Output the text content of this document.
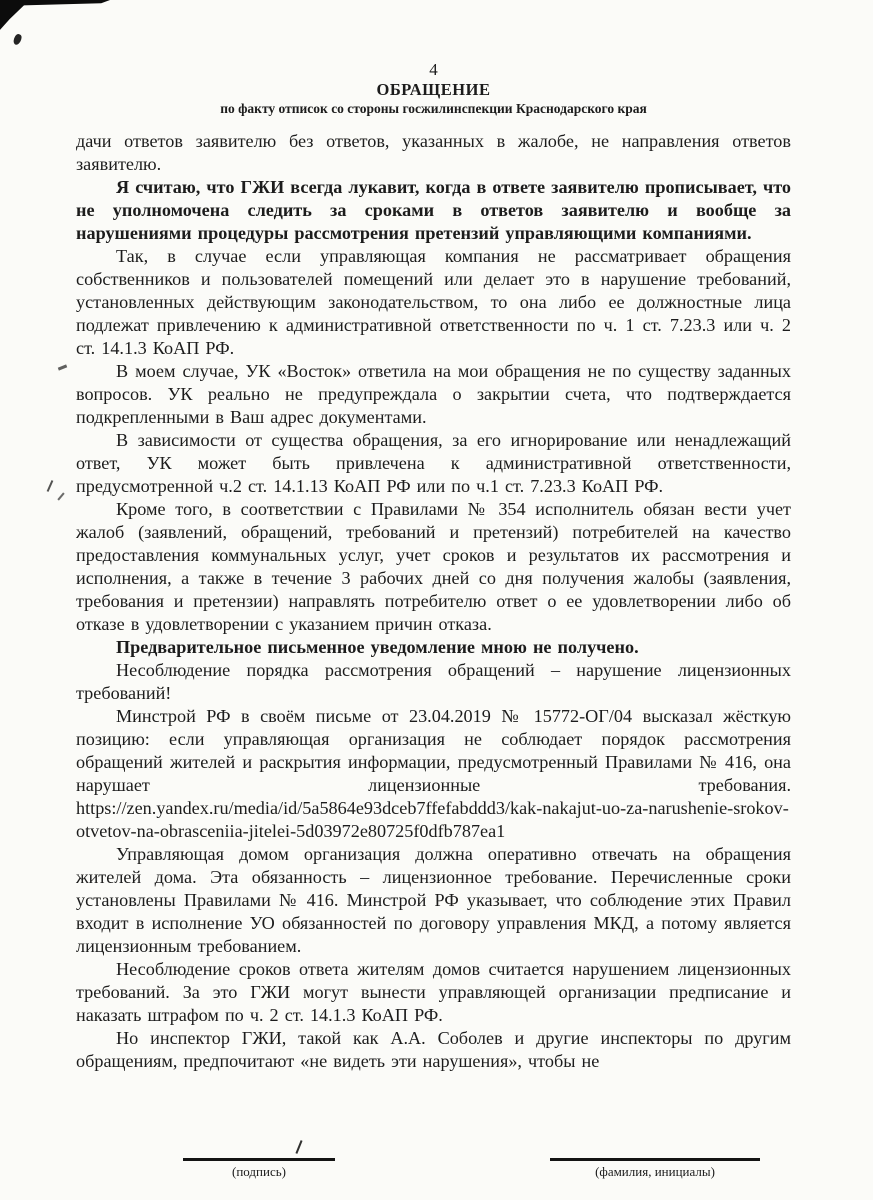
4
ОБРАЩЕНИЕ
по факту отписок со стороны госжилинспекции Краснодарского края

дачи ответов заявителю без ответов, указанных в жалобе, не направления ответов заявителю.

Я считаю, что ГЖИ всегда лукавит, когда в ответе заявителю прописывает, что не уполномочена следить за сроками в ответов заявителю и вообще за нарушениями процедуры рассмотрения претензий управляющими компаниями.

Так, в случае если управляющая компания не рассматривает обращения собственников и пользователей помещений или делает это в нарушение требований, установленных действующим законодательством, то она либо ее должностные лица подлежат привлечению к административной ответственности по ч. 1 ст. 7.23.3 или ч. 2 ст. 14.1.3 КоАП РФ.

В моем случае, УК «Восток» ответила на мои обращения не по существу заданных вопросов. УК реально не предупреждала о закрытии счета, что подтверждается подкрепленными в Ваш адрес документами.

В зависимости от существа обращения, за его игнорирование или ненадлежащий ответ, УК может быть привлечена к административной ответственности, предусмотренной ч.2 ст. 14.1.13 КоАП РФ или по ч.1 ст. 7.23.3 КоАП РФ.

Кроме того, в соответствии с Правилами № 354 исполнитель обязан вести учет жалоб (заявлений, обращений, требований и претензий) потребителей на качество предоставления коммунальных услуг, учет сроков и результатов их рассмотрения и исполнения, а также в течение 3 рабочих дней со дня получения жалобы (заявления, требования и претензии) направлять потребителю ответ о ее удовлетворении либо об отказе в удовлетворении с указанием причин отказа.

Предварительное письменное уведомление мною не получено.

Несоблюдение порядка рассмотрения обращений – нарушение лицензионных требований!

Минстрой РФ в своём письме от 23.04.2019 № 15772-ОГ/04 высказал жёсткую позицию: если управляющая организация не соблюдает порядок рассмотрения обращений жителей и раскрытия информации, предусмотренный Правилами № 416, она нарушает лицензионные требования.

https://zen.yandex.ru/media/id/5a5864e93dceb7ffefabddd3/kak-nakajut-uo-za-narushenie-srokov-otvetov-na-obrasceniia-jitelei-5d03972e80725f0dfb787ea1

Управляющая домом организация должна оперативно отвечать на обращения жителей дома. Эта обязанность – лицензионное требование. Перечисленные сроки установлены Правилами № 416. Минстрой РФ указывает, что соблюдение этих Правил входит в исполнение УО обязанностей по договору управления МКД, а потому является лицензионным требованием.

Несоблюдение сроков ответа жителям домов считается нарушением лицензионных требований. За это ГЖИ могут вынести управляющей организации предписание и наказать штрафом по ч. 2 ст. 14.1.3 КоАП РФ.

Но инспектор ГЖИ, такой как А.А. Соболев и другие инспекторы по другим обращениям, предпочитают «не видеть эти нарушения», чтобы не

(подпись)	(фамилия, инициалы)
